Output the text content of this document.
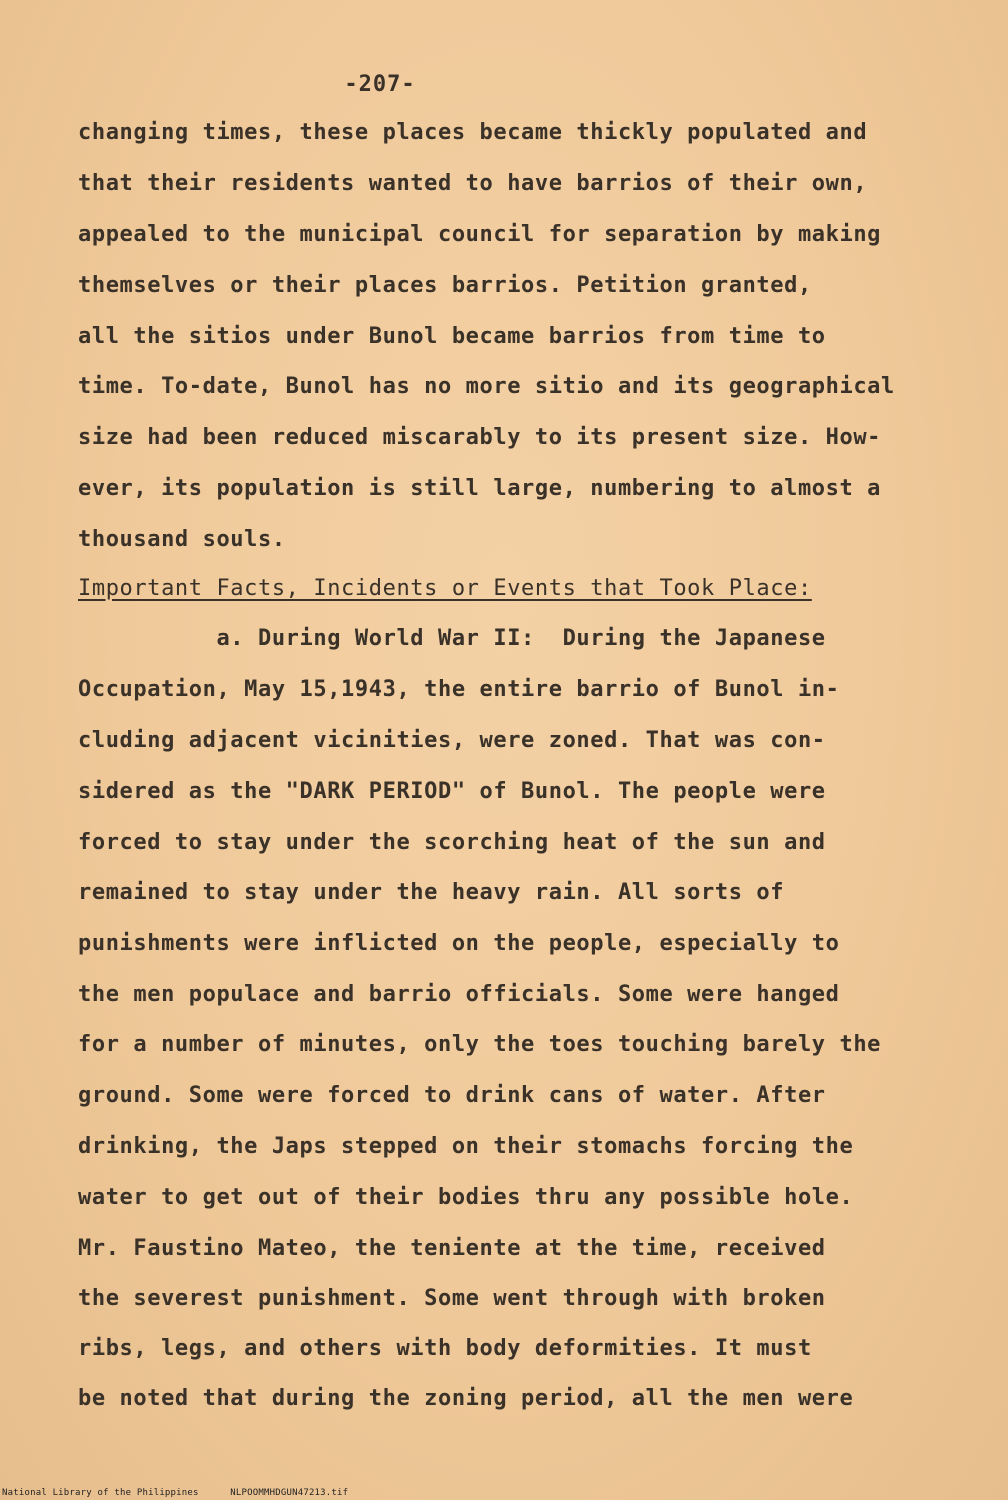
-207-
changing times, these places became thickly populated and
that their residents wanted to have barrios of their own,
appealed to the municipal council for separation by making
themselves or their places barrios. Petition granted,
all the sitios under Bunol became barrios from time to
time. To-date, Bunol has no more sitio and its geographical
size had been reduced miscarably to its present size. How-
ever, its population is still large, numbering to almost a
thousand souls.
Important Facts, Incidents or Events that Took Place:
a. During World War II:  During the Japanese
Occupation, May 15,1943, the entire barrio of Bunol in-
cluding adjacent vicinities, were zoned. That was con-
sidered as the "DARK PERIOD" of Bunol. The people were
forced to stay under the scorching heat of the sun and
remained to stay under the heavy rain. All sorts of
punishments were inflicted on the people, especially to
the men populace and barrio officials. Some were hanged
for a number of minutes, only the toes touching barely the
ground. Some were forced to drink cans of water. After
drinking, the Japs stepped on their stomachs forcing the
water to get out of their bodies thru any possible hole.
Mr. Faustino Mateo, the teniente at the time, received
the severest punishment. Some went through with broken
ribs, legs, and others with body deformities. It must
be noted that during the zoning period, all the men were
National Library of the Philippines	NLPOOMMHDGUN47213.tif
